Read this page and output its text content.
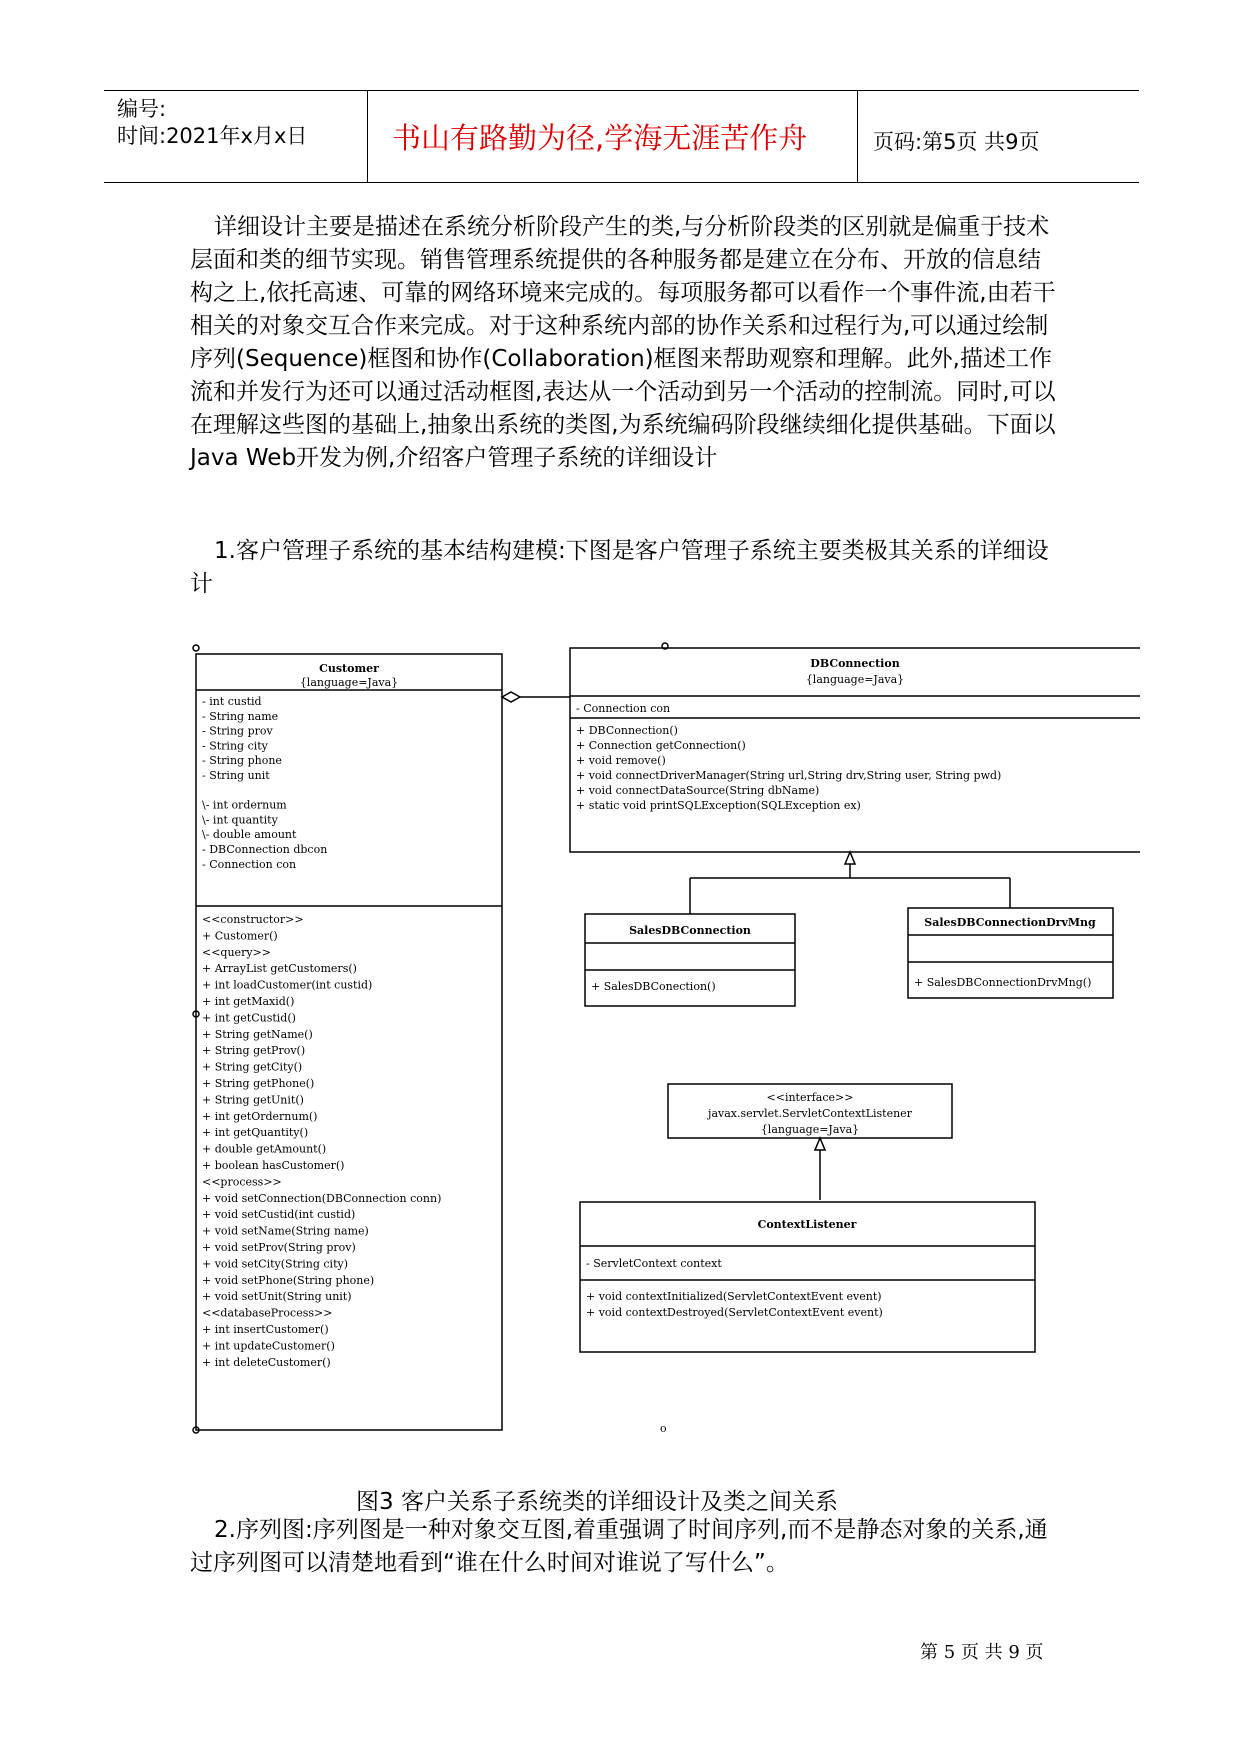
编号:
时间:2021年x月x日	书山有路勤为径,学海无涯苦作舟	页码:第5页 共9页

详细设计主要是描述在系统分析阶段产生的类,与分析阶段类的区别就是偏重于技术层面和类的细节实现。销售管理系统提供的各种服务都是建立在分布、开放的信息结构之上,依托高速、可靠的网络环境来完成的。每项服务都可以看作一个事件流,由若干相关的对象交互合作来完成。对于这种系统内部的协作关系和过程行为,可以通过绘制序列(Sequence)框图和协作(Collaboration)框图来帮助观察和理解。此外,描述工作流和并发行为还可以通过活动框图,表达从一个活动到另一个活动的控制流。同时,可以在理解这些图的基础上,抽象出系统的类图,为系统编码阶段继续细化提供基础。下面以Java Web开发为例,介绍客户管理子系统的详细设计

1.客户管理子系统的基本结构建模:下图是客户管理子系统主要类极其关系的详细设计

Customer
{language=Java}
- int custid
- String name
- String prov
- String city
- String phone
- String unit
\- int ordernum
\- int quantity
\- double amount
- DBConnection dbcon
- Connection con
<<constructor>>
+ Customer()
<<query>>
+ ArrayList getCustomers()
+ int loadCustomer(int custid)
+ int getMaxid()
+ int getCustid()
+ String getName()
+ String getProv()
+ String getCity()
+ String getPhone()
+ String getUnit()
+ int getOrdernum()
+ int getQuantity()
+ double getAmount()
+ boolean hasCustomer()
<<process>>
+ void setConnection(DBConnection conn)
+ void setCustid(int custid)
+ void setName(String name)
+ void setProv(String prov)
+ void setCity(String city)
+ void setPhone(String phone)
+ void setUnit(String unit)
<<databaseProcess>>
+ int insertCustomer()
+ int updateCustomer()
+ int deleteCustomer()
DBConnection
{language=Java}
- Connection con
+ DBConnection()
+ Connection getConnection()
+ void remove()
+ void connectDriverManager(String url,String drv,String user, String pwd)
+ void connectDataSource(String dbName)
+ static void printSQLException(SQLException ex)
SalesDBConnection
+ SalesDBConection()
SalesDBConnectionDrvMng
+ SalesDBConnectionDrvMng()
<<interface>>
javax.servlet.ServletContextListener
{language=Java}
ContextListener
- ServletContext context
+ void contextInitialized(ServletContextEvent event)
+ void contextDestroyed(ServletContextEvent event)
o
图3 客户关系子系统类的详细设计及类之间关系

2.序列图:序列图是一种对象交互图,着重强调了时间序列,而不是静态对象的关系,通过序列图可以清楚地看到“谁在什么时间对谁说了写什么”。

第 5 页 共 9 页
